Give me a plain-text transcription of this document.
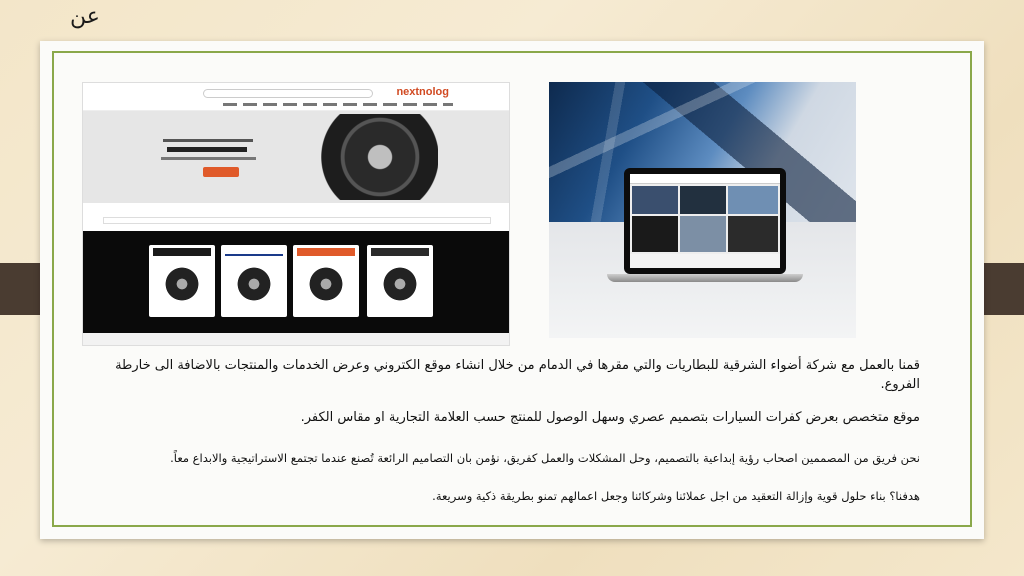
عن
nextnolog
قمنا بالعمل مع شركة أضواء الشرقية للبطاريات والتي مقرها في الدمام من خلال انشاء موقع الكتروني وعرض الخدمات والمنتجات بالاضافة الى خارطة الفروع.
موقع متخصص بعرض كفرات السيارات بتصميم عصري وسهل الوصول للمنتج حسب العلامة التجارية او مقاس الكفر.
نحن فريق من المصممين اصحاب رؤية إبداعية بالتصميم، وحل المشكلات والعمل كفريق، نؤمن بان التصاميم الرائعة تُصنع عندما تجتمع الاستراتيجية والابداع معاً.
هدفنا؟ بناء حلول قوية وإزالة التعقيد من اجل عملائنا وشركائنا وجعل اعمالهم تمنو بطريقة ذكية وسريعة.
